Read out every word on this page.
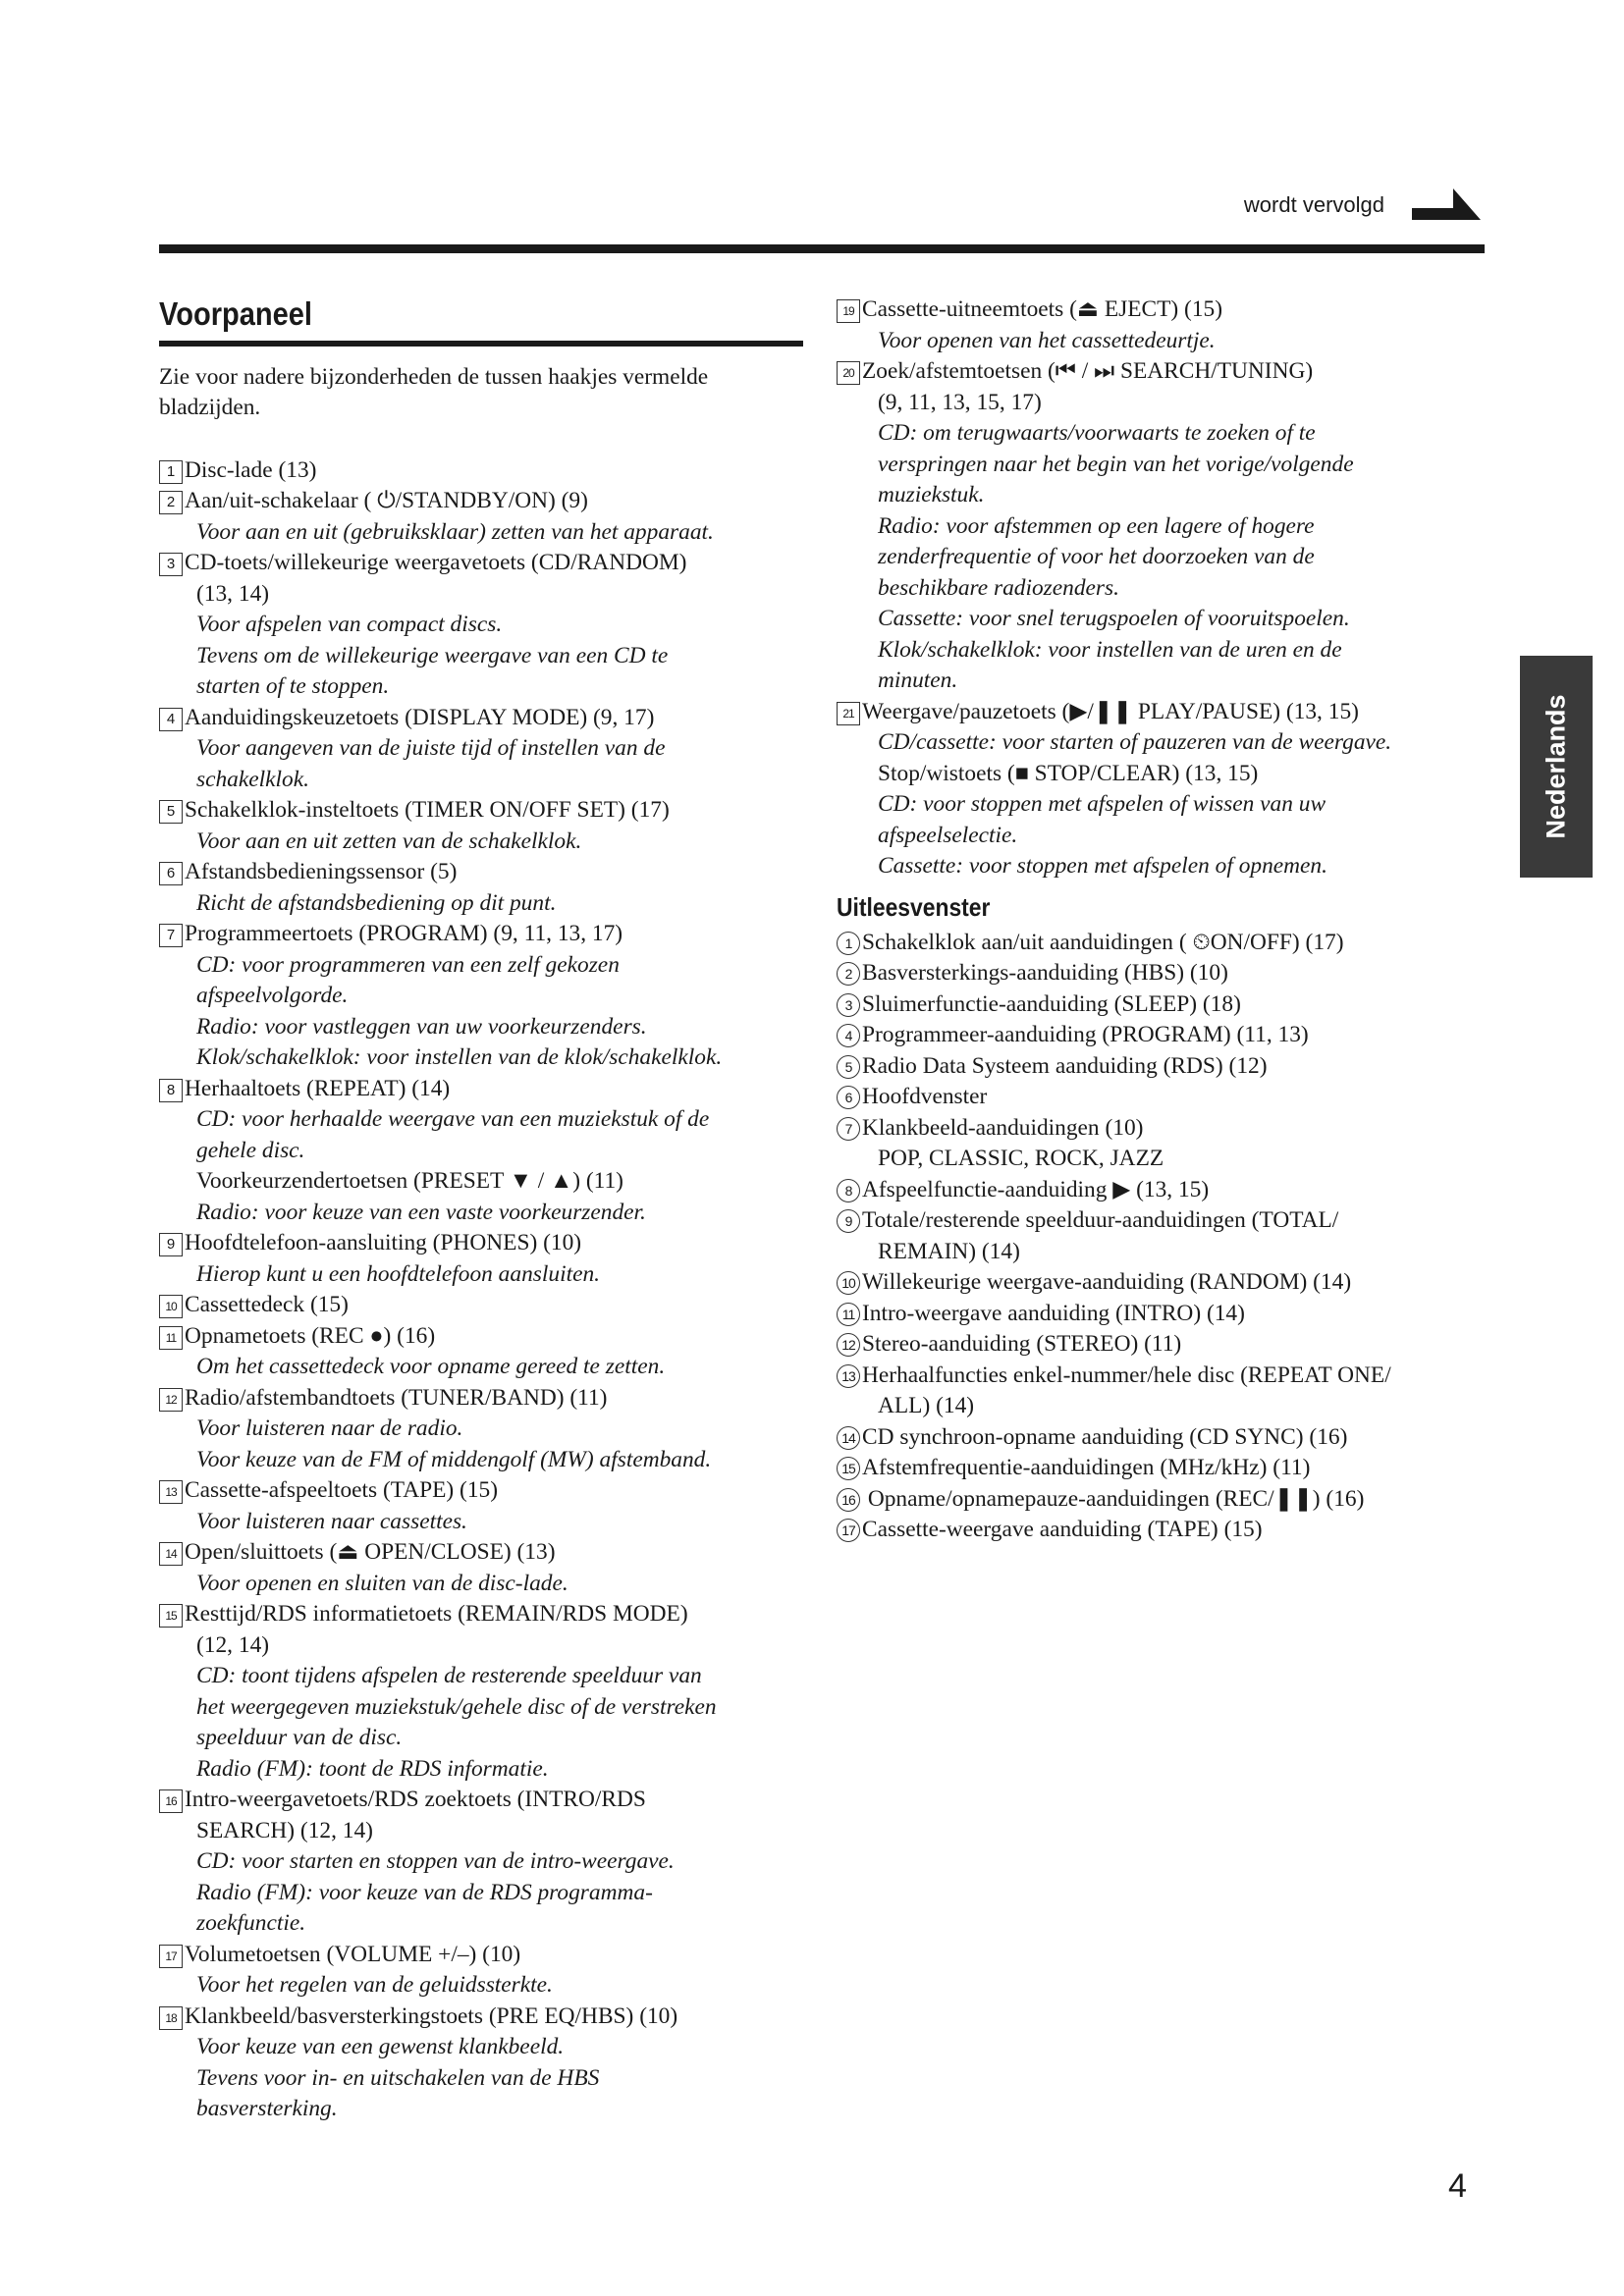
wordt vervolgd
Voorpaneel
Zie voor nadere bijzonderheden de tussen haakjes vermelde
bladzijden.
1 Disc-lade (13)
2 Aan/uit-schakelaar ( ⏻/STANDBY/ON) (9)
Voor aan en uit (gebruiksklaar) zetten van het apparaat.
3 CD-toets/willekeurige weergavetoets (CD/RANDOM)
(13, 14)
Voor afspelen van compact discs.
Tevens om de willekeurige weergave van een CD te
starten of te stoppen.
4 Aanduidingskeuzetoets (DISPLAY MODE) (9, 17)
Voor aangeven van de juiste tijd of instellen van de
schakelklok.
5 Schakelklok-insteltoets (TIMER ON/OFF SET) (17)
Voor aan en uit zetten van de schakelklok.
6 Afstandsbedieningssensor (5)
Richt de afstandsbediening op dit punt.
7 Programmeertoets (PROGRAM) (9, 11, 13, 17)
CD: voor programmeren van een zelf gekozen
afspeelvolgorde.
Radio: voor vastleggen van uw voorkeurzenders.
Klok/schakelklok: voor instellen van de klok/schakelklok.
8 Herhaaltoets (REPEAT) (14)
CD: voor herhaalde weergave van een muziekstuk of de
gehele disc.
Voorkeurzendertoetsen (PRESET ▼ / ▲) (11)
Radio: voor keuze van een vaste voorkeurzender.
9 Hoofdtelefoon-aansluiting (PHONES) (10)
Hierop kunt u een hoofdtelefoon aansluiten.
10 Cassettedeck (15)
11 Opnametoets (REC ●) (16)
Om het cassettedeck voor opname gereed te zetten.
12 Radio/afstembandtoets (TUNER/BAND) (11)
Voor luisteren naar de radio.
Voor keuze van de FM of middengolf (MW) afstemband.
13 Cassette-afspeeltoets (TAPE) (15)
Voor luisteren naar cassettes.
14 Open/sluittoets (⏏ OPEN/CLOSE) (13)
Voor openen en sluiten van de disc-lade.
15 Resttijd/RDS informatietoets (REMAIN/RDS MODE)
(12, 14)
CD: toont tijdens afspelen de resterende speelduur van
het weergegeven muziekstuk/gehele disc of de verstreken
speelduur van de disc.
Radio (FM): toont de RDS informatie.
16 Intro-weergavetoets/RDS zoektoets (INTRO/RDS
SEARCH) (12, 14)
CD: voor starten en stoppen van de intro-weergave.
Radio (FM): voor keuze van de RDS programma-
zoekfunctie.
17 Volumetoetsen (VOLUME +/–) (10)
Voor het regelen van de geluidssterkte.
18 Klankbeeld/basversterkingstoets (PRE EQ/HBS) (10)
Voor keuze van een gewenst klankbeeld.
Tevens voor in- en uitschakelen van de HBS
basversterking.
19 Cassette-uitneemtoets (⏏ EJECT) (15)
Voor openen van het cassettedeurtje.
20 Zoek/afstemtoetsen (⏮ / ⏭ SEARCH/TUNING)
(9, 11, 13, 15, 17)
CD: om terugwaarts/voorwaarts te zoeken of te
verspringen naar het begin van het vorige/volgende
muziekstuk.
Radio: voor afstemmen op een lagere of hogere
zenderfrequentie of voor het doorzoeken van de
beschikbare radiozenders.
Cassette: voor snel terugspoelen of vooruitspoelen.
Klok/schakelklok: voor instellen van de uren en de
minuten.
21 Weergave/pauzetoets (▶/❚❚ PLAY/PAUSE) (13, 15)
CD/cassette: voor starten of pauzeren van de weergave.
Stop/wistoets (■ STOP/CLEAR) (13, 15)
CD: voor stoppen met afspelen of wissen van uw
afspeelselectie.
Cassette: voor stoppen met afspelen of opnemen.
Uitleesvenster
1 Schakelklok aan/uit aanduidingen ( ⏲ON/OFF) (17)
2 Basversterkings-aanduiding (HBS) (10)
3 Sluimerfunctie-aanduiding (SLEEP) (18)
4 Programmeer-aanduiding (PROGRAM) (11, 13)
5 Radio Data Systeem aanduiding (RDS) (12)
6 Hoofdvenster
7 Klankbeeld-aanduidingen (10)
POP, CLASSIC, ROCK, JAZZ
8 Afspeelfunctie-aanduiding ▶ (13, 15)
9 Totale/resterende speelduur-aanduidingen (TOTAL/
REMAIN) (14)
10 Willekeurige weergave-aanduiding (RANDOM) (14)
11 Intro-weergave aanduiding (INTRO) (14)
12 Stereo-aanduiding (STEREO) (11)
13 Herhaalfuncties enkel-nummer/hele disc (REPEAT ONE/
ALL) (14)
14 CD synchroon-opname aanduiding (CD SYNC) (16)
15 Afstemfrequentie-aanduidingen (MHz/kHz) (11)
16 Opname/opnamepauze-aanduidingen (REC/❚❚) (16)
17 Cassette-weergave aanduiding (TAPE) (15)
Nederlands
4
